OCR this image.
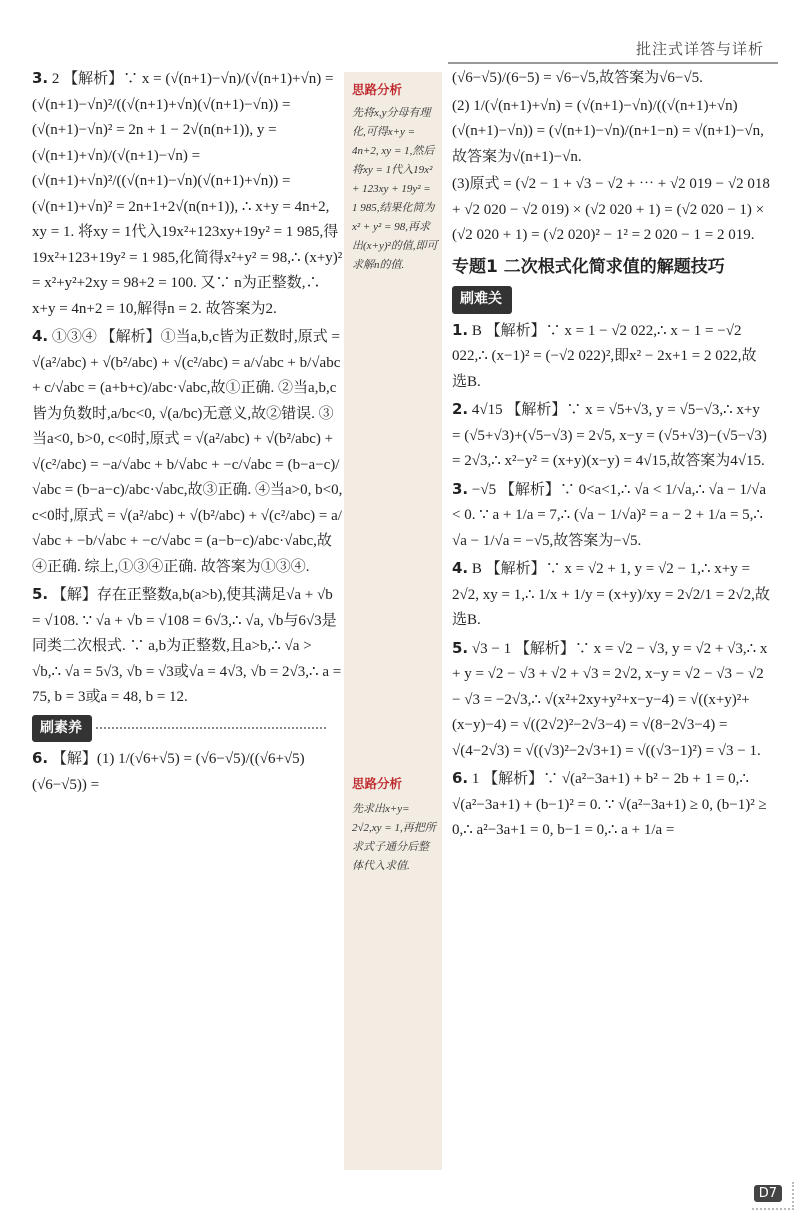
批注式详答与详析
思路分析
先将x,y分母有理化,可得x+y = 4n+2, xy = 1,然后将xy = 1代入19x² + 123xy + 19y² = 1 985,结果化简为x² + y² = 98,再求出(x+y)²的值,即可求解n的值.
思路分析
先求出x+y= 2√2,xy = 1,再把所求式子通分后整体代入求值.
3. 2 【解析】∵ x = (√(n+1)−√n)/(√(n+1)+√n) = (√(n+1)−√n)²/((√(n+1)+√n)(√(n+1)−√n)) = (√(n+1)−√n)² = 2n + 1 − 2√(n(n+1)), y = (√(n+1)+√n)/(√(n+1)−√n) = (√(n+1)+√n)²/((√(n+1)−√n)(√(n+1)+√n)) = (√(n+1)+√n)² = 2n+1+2√(n(n+1)), ∴ x+y = 4n+2, xy = 1. 将xy = 1代入19x²+123xy+19y² = 1 985,得19x²+123+19y² = 1 985,化简得x²+y² = 98,∴ (x+y)² = x²+y²+2xy = 98+2 = 100. 又∵ n为正整数,∴ x+y = 4n+2 = 10,解得n = 2. 故答案为2.
4. ①③④ 【解析】①当a,b,c皆为正数时,原式 = √(a²/abc) + √(b²/abc) + √(c²/abc) = a/√abc + b/√abc + c/√abc = (a+b+c)/abc·√abc,故①正确. ②当a,b,c皆为负数时,a/bc<0, √(a/bc)无意义,故②错误. ③当a<0, b>0, c<0时,原式 = √(a²/abc) + √(b²/abc) + √(c²/abc) = −a/√abc + b/√abc + −c/√abc = (b−a−c)/√abc = (b−a−c)/abc·√abc,故③正确. ④当a>0, b<0, c<0时,原式 = √(a²/abc) + √(b²/abc) + √(c²/abc) = a/√abc + −b/√abc + −c/√abc = (a−b−c)/abc·√abc,故④正确. 综上,①③④正确. 故答案为①③④.
5. 【解】存在正整数a,b(a>b),使其满足√a + √b = √108. ∵ √a + √b = √108 = 6√3,∴ √a, √b与6√3是同类二次根式. ∵ a,b为正整数,且a>b,∴ √a > √b,∴ √a = 5√3, √b = √3或√a = 4√3, √b = 2√3,∴ a = 75, b = 3或a = 48, b = 12.
刷素养
6. 【解】(1) 1/(√6+√5) = (√6−√5)/((√6+√5)(√6−√5)) =
(√6−√5)/(6−5) = √6−√5,故答案为√6−√5.
(2) 1/(√(n+1)+√n) = (√(n+1)−√n)/((√(n+1)+√n)(√(n+1)−√n)) = (√(n+1)−√n)/(n+1−n) = √(n+1)−√n,故答案为√(n+1)−√n.
(3)原式 = (√2 − 1 + √3 − √2 + ⋯ + √2 019 − √2 018 + √2 020 − √2 019) × (√2 020 + 1) = (√2 020 − 1) × (√2 020 + 1) = (√2 020)² − 1² = 2 020 − 1 = 2 019.
专题1 二次根式化简求值的解题技巧
刷难关
1. B 【解析】∵ x = 1 − √2 022,∴ x − 1 = −√2 022,∴ (x−1)² = (−√2 022)²,即x² − 2x+1 = 2 022,故选B.
2. 4√15 【解析】∵ x = √5+√3, y = √5−√3,∴ x+y = (√5+√3)+(√5−√3) = 2√5, x−y = (√5+√3)−(√5−√3) = 2√3,∴ x²−y² = (x+y)(x−y) = 4√15,故答案为4√15.
3. −√5 【解析】∵ 0<a<1,∴ √a < 1/√a,∴ √a − 1/√a < 0. ∵ a + 1/a = 7,∴ (√a − 1/√a)² = a − 2 + 1/a = 5,∴ √a − 1/√a = −√5,故答案为−√5.
4. B 【解析】∵ x = √2 + 1, y = √2 − 1,∴ x+y = 2√2, xy = 1,∴ 1/x + 1/y = (x+y)/xy = 2√2/1 = 2√2,故选B.
5. √3 − 1 【解析】∵ x = √2 − √3, y = √2 + √3,∴ x + y = √2 − √3 + √2 + √3 = 2√2, x−y = √2 − √3 − √2 − √3 = −2√3,∴ √(x²+2xy+y²+x−y−4) = √((x+y)²+(x−y)−4) = √((2√2)²−2√3−4) = √(8−2√3−4) = √(4−2√3) = √((√3)²−2√3+1) = √((√3−1)²) = √3 − 1.
6. 1 【解析】∵ √(a²−3a+1) + b² − 2b + 1 = 0,∴ √(a²−3a+1) + (b−1)² = 0. ∵ √(a²−3a+1) ≥ 0, (b−1)² ≥ 0,∴ a²−3a+1 = 0, b−1 = 0,∴ a + 1/a =
D7
